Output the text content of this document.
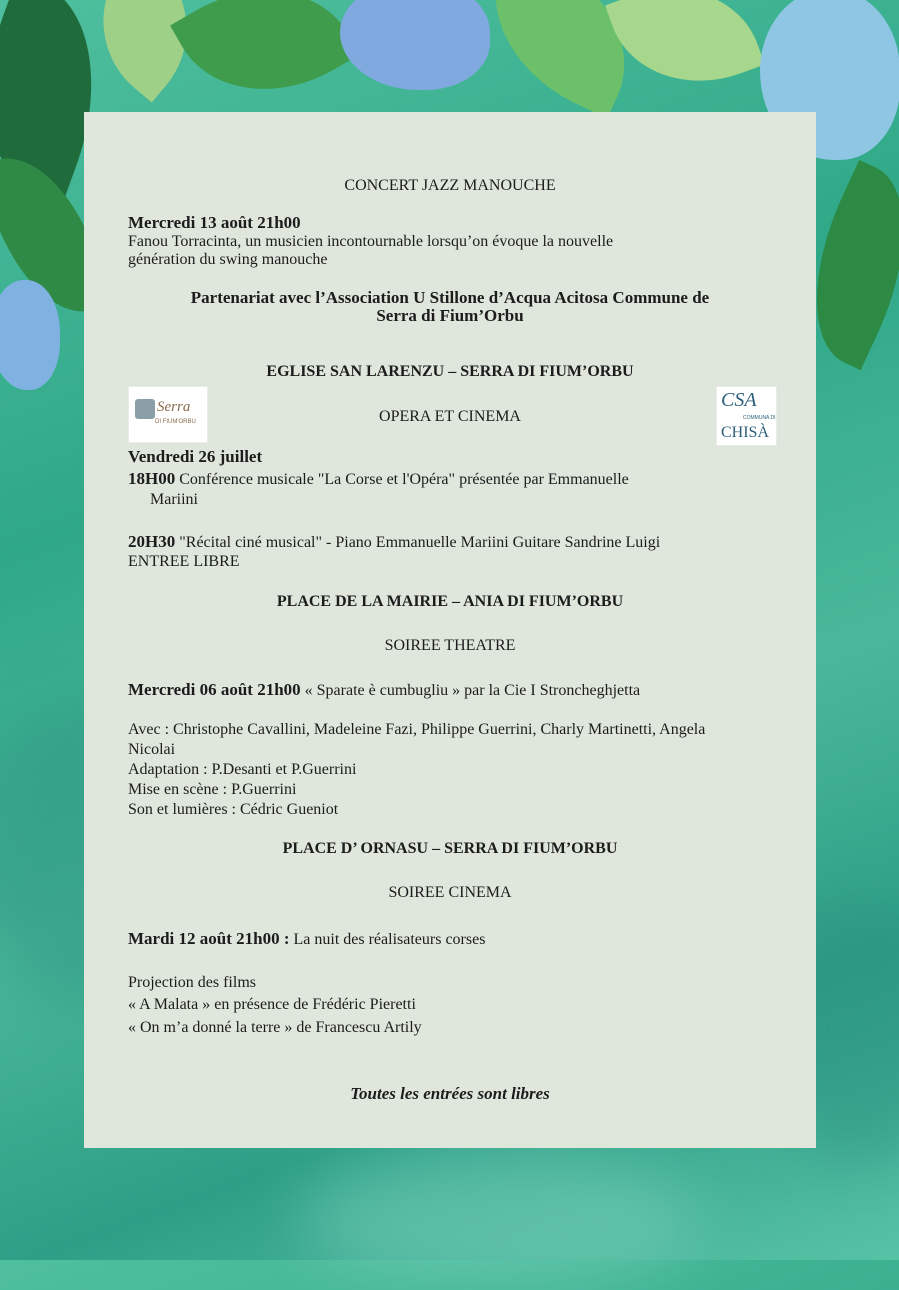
CONCERT JAZZ MANOUCHE
Mercredi 13 août 21h00
Fanou Torracinta, un musicien incontournable lorsqu’on évoque la nouvelle
génération du swing manouche
Partenariat avec l’Association U Stillone d’Acqua Acitosa Commune de
Serra di Fium’Orbu
EGLISE SAN LARENZU – SERRA DI FIUM’ORBU
Serra
DI FIUM'ORBU
CSA
COMMUNA DI
CHISÀ
OPERA ET CINEMA
Vendredi 26 juillet
18H00 Conférence musicale "La Corse et l'Opéra" présentée par Emmanuelle
Mariini
20H30 "Récital ciné musical" - Piano Emmanuelle Mariini Guitare Sandrine Luigi
ENTREE LIBRE
PLACE DE LA MAIRIE – ANIA DI FIUM’ORBU
SOIREE THEATRE
Mercredi 06 août 21h00 « Sparate è cumbugliu » par la Cie I Stroncheghjetta
Avec : Christophe Cavallini, Madeleine Fazi, Philippe Guerrini, Charly Martinetti, Angela
Nicolai
Adaptation : P.Desanti et P.Guerrini
Mise en scène : P.Guerrini
Son et lumières : Cédric Gueniot
PLACE D’ ORNASU – SERRA DI FIUM’ORBU
SOIREE CINEMA
Mardi 12 août 21h00 : La nuit des réalisateurs corses
Projection des films
« A Malata » en présence de Frédéric Pieretti
« On m’a donné la terre » de Francescu Artily
Toutes les entrées sont libres
